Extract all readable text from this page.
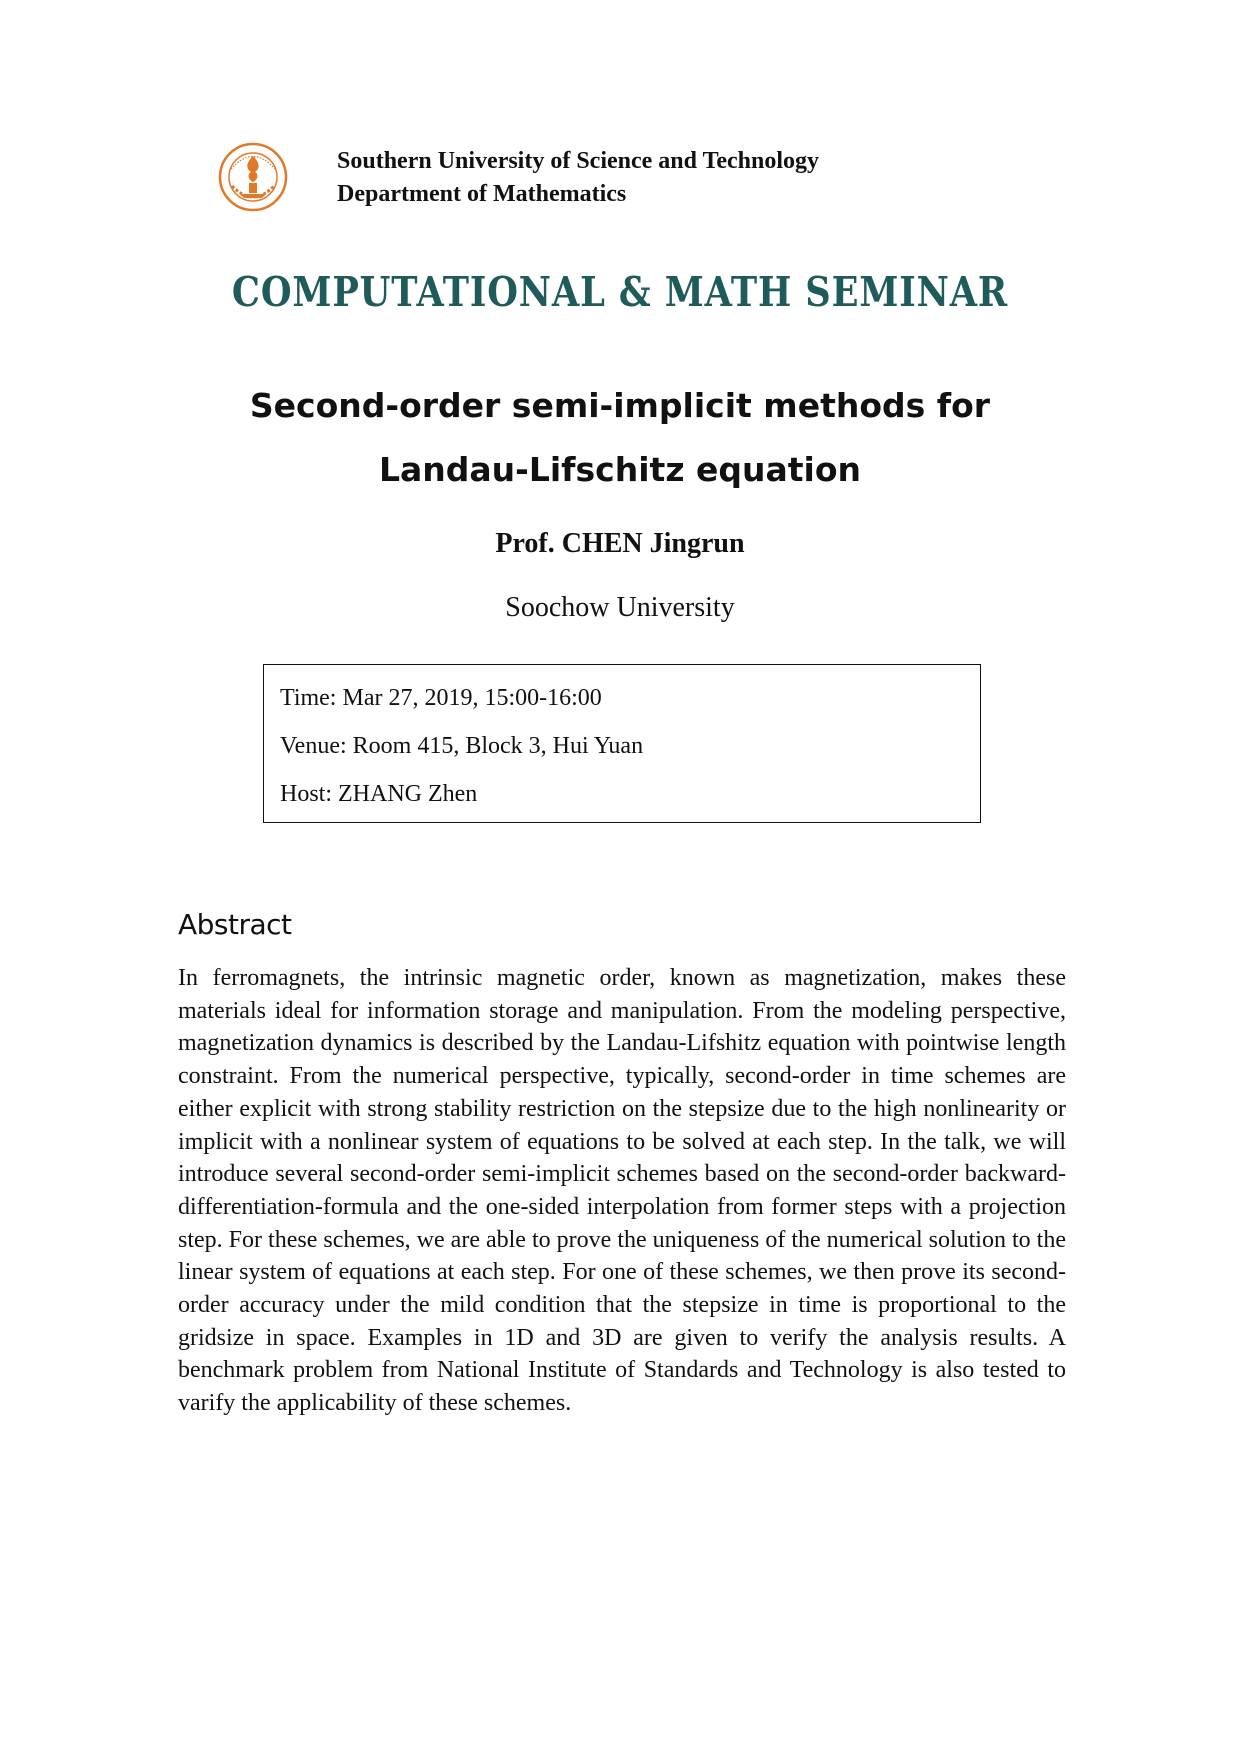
Southern University of Science and Technology
Department of Mathematics
COMPUTATIONAL & MATH SEMINAR
Second-order semi-implicit methods for
Landau-Lifschitz equation
Prof. CHEN Jingrun
Soochow University
Time: Mar 27, 2019, 15:00-16:00
Venue: Room 415, Block 3, Hui Yuan
Host: ZHANG Zhen
Abstract
In ferromagnets, the intrinsic magnetic order, known as magnetization, makes these materials ideal for information storage and manipulation. From the modeling perspective, magnetization dynamics is described by the Landau-Lifshitz equation with pointwise length constraint. From the numerical perspective, typically, second-order in time schemes are either explicit with strong stability restriction on the stepsize due to the high nonlinearity or implicit with a nonlinear system of equations to be solved at each step. In the talk, we will introduce several second-order semi-implicit schemes based on the second-order backward-differentiation-formula and the one-sided interpolation from former steps with a projection step. For these schemes, we are able to prove the uniqueness of the numerical solution to the linear system of equations at each step. For one of these schemes, we then prove its second-order accuracy under the mild condition that the stepsize in time is proportional to the gridsize in space. Examples in 1D and 3D are given to verify the analysis results. A benchmark problem from National Institute of Standards and Technology is also tested to varify the applicability of these schemes.
